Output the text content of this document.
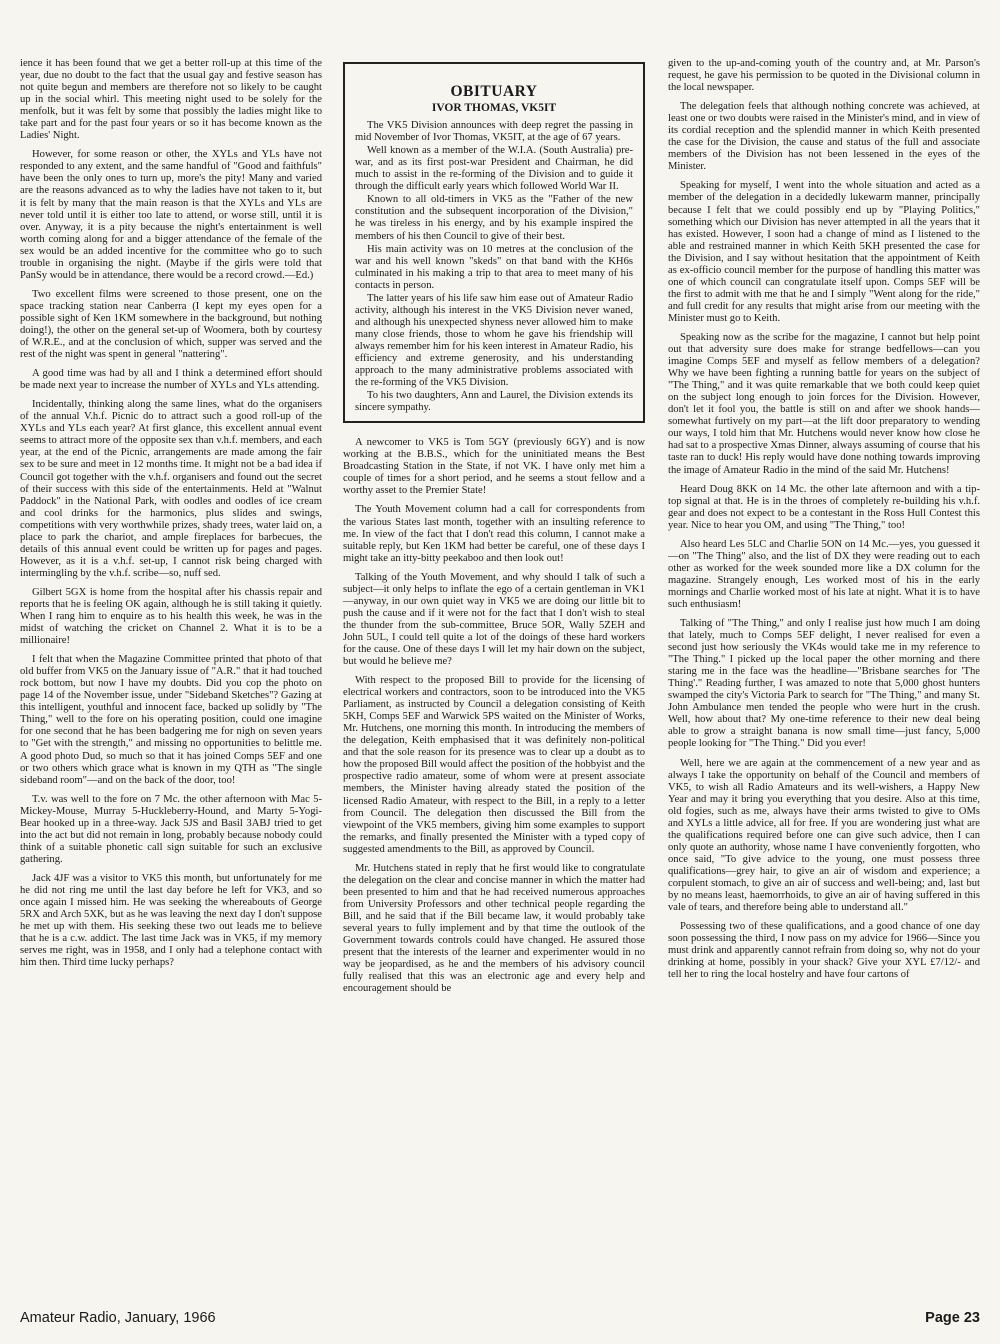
ience it has been found that we get a better roll-up at this time of the year, due no doubt to the fact that the usual gay and festive season has not quite begun and members are therefore not so likely to be caught up in the social whirl. This meeting night used to be solely for the menfolk, but it was felt by some that possibly the ladies might like to take part and for the past four years or so it has become known as the Ladies' Night.

However, for some reason or other, the XYLs and YLs have not responded to any extent, and the same handful of "Good and faithfuls" have been the only ones to turn up, more's the pity! Many and varied are the reasons advanced as to why the ladies have not taken to it, but it is felt by many that the main reason is that the XYLs and YLs are never told until it is either too late to attend, or worse still, until it is over. Anyway, it is a pity because the night's entertainment is well worth coming along for and a bigger attendance of the female of the sex would be an added incentive for the committee who go to such trouble in organising the night. (Maybe if the girls were told that PanSy would be in attendance, there would be a record crowd.—Ed.)

Two excellent films were screened to those present, one on the space tracking station near Canberra (I kept my eyes open for a possible sight of Ken 1KM somewhere in the background, but nothing doing!), the other on the general set-up of Woomera, both by courtesy of W.R.E., and at the conclusion of which, supper was served and the rest of the night was spent in general "nattering".

A good time was had by all and I think a determined effort should be made next year to increase the number of XYLs and YLs attending.

Incidentally, thinking along the same lines, what do the organisers of the annual V.h.f. Picnic do to attract such a good roll-up of the XYLs and YLs each year? At first glance, this excellent annual event seems to attract more of the opposite sex than v.h.f. members, and each year, at the end of the Picnic, arrangements are made among the fair sex to be sure and meet in 12 months time. It might not be a bad idea if Council got together with the v.h.f. organisers and found out the secret of their success with this side of the entertainments. Held at "Walnut Paddock" in the National Park, with oodles and oodles of ice cream and cool drinks for the harmonics, plus slides and swings, competitions with very worthwhile prizes, shady trees, water laid on, a place to park the chariot, and ample fireplaces for barbecues, the details of this annual event could be written up for pages and pages. However, as it is a v.h.f. set-up, I cannot risk being charged with intermingling by the v.h.f. scribe—so, nuff sed.

Gilbert 5GX is home from the hospital after his chassis repair and reports that he is feeling OK again, although he is still taking it quietly. When I rang him to enquire as to his health this week, he was in the midst of watching the cricket on Channel 2. What it is to be a millionaire!

I felt that when the Magazine Committee printed that photo of that old buffer from VK5 on the January issue of "A.R." that it had touched rock bottom, but now I have my doubts. Did you cop the photo on page 14 of the November issue, under "Sideband Sketches"? Gazing at this intelligent, youthful and innocent face, backed up solidly by "The Thing," well to the fore on his operating position, could one imagine for one second that he has been badgering me for nigh on seven years to "Get with the strength," and missing no opportunities to belittle me. A good photo Dud, so much so that it has joined Comps 5EF and one or two others which grace what is known in my QTH as "The single sideband room"—and on the back of the door, too!

T.v. was well to the fore on 7 Mc. the other afternoon with Mac 5-Mickey-Mouse, Murray 5-Huckleberry-Hound, and Marty 5-Yogi-Bear hooked up in a three-way. Jack 5JS and Basil 3ABJ tried to get into the act but did not remain in long, probably because nobody could think of a suitable phonetic call sign suitable for such an exclusive gathering.

Jack 4JF was a visitor to VK5 this month, but unfortunately for me he did not ring me until the last day before he left for VK3, and so once again I missed him. He was seeking the whereabouts of George 5RX and Arch 5XK, but as he was leaving the next day I don't suppose he met up with them. His seeking these two out leads me to believe that he is a c.w. addict. The last time Jack was in VK5, if my memory serves me right, was in 1958, and I only had a telephone contact with him then. Third time lucky perhaps?

OBITUARY
IVOR THOMAS, VK5IT

The VK5 Division announces with deep regret the passing in mid November of Ivor Thomas, VK5IT, at the age of 67 years.

Well known as a member of the W.I.A. (South Australia) pre-war, and as its first post-war President and Chairman, he did much to assist in the re-forming of the Division and to guide it through the difficult early years which followed World War II.

Known to all old-timers in VK5 as the "Father of the new constitution and the subsequent incorporation of the Division," he was tireless in his energy, and by his example inspired the members of his then Council to give of their best.

His main activity was on 10 metres at the conclusion of the war and his well known "skeds" on that band with the KH6s culminated in his making a trip to that area to meet many of his contacts in person.

The latter years of his life saw him ease out of Amateur Radio activity, although his interest in the VK5 Division never waned, and although his unexpected shyness never allowed him to make many close friends, those to whom he gave his friendship will always remember him for his keen interest in Amateur Radio, his efficiency and extreme generosity, and his understanding approach to the many administrative problems associated with the re-forming of the VK5 Division.

To his two daughters, Ann and Laurel, the Division extends its sincere sympathy.

A newcomer to VK5 is Tom 5GY (previously 6GY) and is now working at the B.B.S., which for the uninitiated means the Best Broadcasting Station in the State, if not VK. I have only met him a couple of times for a short period, and he seems a stout fellow and a worthy asset to the Premier State!

The Youth Movement column had a call for correspondents from the various States last month, together with an insulting reference to me. In view of the fact that I don't read this column, I cannot make a suitable reply, but Ken 1KM had better be careful, one of these days I might take an itty-bitty peekaboo and then look out!

Talking of the Youth Movement, and why should I talk of such a subject—it only helps to inflate the ego of a certain gentleman in VK1—anyway, in our own quiet way in VK5 we are doing our little bit to push the cause and if it were not for the fact that I don't wish to steal the thunder from the sub-committee, Bruce 5OR, Wally 5ZEH and John 5UL, I could tell quite a lot of the doings of these hard workers for the cause. One of these days I will let my hair down on the subject, but would he believe me?

With respect to the proposed Bill to provide for the licensing of electrical workers and contractors, soon to be introduced into the VK5 Parliament, as instructed by Council a delegation consisting of Keith 5KH, Comps 5EF and Warwick 5PS waited on the Minister of Works, Mr. Hutchens, one morning this month. In introducing the members of the delegation, Keith emphasised that it was definitely non-political and that the sole reason for its presence was to clear up a doubt as to how the proposed Bill would affect the position of the hobbyist and the prospective radio amateur, some of whom were at present associate members, the Minister having already stated the position of the licensed Radio Amateur, with respect to the Bill, in a reply to a letter from Council. The delegation then discussed the Bill from the viewpoint of the VK5 members, giving him some examples to support the remarks, and finally presented the Minister with a typed copy of suggested amendments to the Bill, as approved by Council.

Mr. Hutchens stated in reply that he first would like to congratulate the delegation on the clear and concise manner in which the matter had been presented to him and that he had received numerous approaches from University Professors and other technical people regarding the Bill, and he said that if the Bill became law, it would probably take several years to fully implement and by that time the outlook of the Government towards controls could have changed. He assured those present that the interests of the learner and experimenter would in no way be jeopardised, as he and the members of his advisory council fully realised that this was an electronic age and every help and encouragement should be

given to the up-and-coming youth of the country and, at Mr. Parson's request, he gave his permission to be quoted in the Divisional column in the local newspaper.

The delegation feels that although nothing concrete was achieved, at least one or two doubts were raised in the Minister's mind, and in view of its cordial reception and the splendid manner in which Keith presented the case for the Division, the cause and status of the full and associate members of the Division has not been lessened in the eyes of the Minister.

Speaking for myself, I went into the whole situation and acted as a member of the delegation in a decidedly lukewarm manner, principally because I felt that we could possibly end up by "Playing Politics," something which our Division has never attempted in all the years that it has existed. However, I soon had a change of mind as I listened to the able and restrained manner in which Keith 5KH presented the case for the Division, and I say without hesitation that the appointment of Keith as ex-officio council member for the purpose of handling this matter was one of which council can congratulate itself upon. Comps 5EF will be the first to admit with me that he and I simply "Went along for the ride," and full credit for any results that might arise from our meeting with the Minister must go to Keith.

Speaking now as the scribe for the magazine, I cannot but help point out that adversity sure does make for strange bedfellows—can you imagine Comps 5EF and myself as fellow members of a delegation? Why we have been fighting a running battle for years on the subject of "The Thing," and it was quite remarkable that we both could keep quiet on the subject long enough to join forces for the Division. However, don't let it fool you, the battle is still on and after we shook hands—somewhat furtively on my part—at the lift door preparatory to wending our ways, I told him that Mr. Hutchens would never know how close he had sat to a prospective Xmas Dinner, always assuming of course that his taste ran to duck! His reply would have done nothing towards improving the image of Amateur Radio in the mind of the said Mr. Hutchens!

Heard Doug 8KK on 14 Mc. the other late afternoon and with a tip-top signal at that. He is in the throes of completely re-building his v.h.f. gear and does not expect to be a contestant in the Ross Hull Contest this year. Nice to hear you OM, and using "The Thing," too!

Also heard Les 5LC and Charlie 5ON on 14 Mc.—yes, you guessed it—on "The Thing" also, and the list of DX they were reading out to each other as worked for the week sounded more like a DX column for the magazine. Strangely enough, Les worked most of his in the early mornings and Charlie worked most of his late at night. What it is to have such enthusiasm!

Talking of "The Thing," and only I realise just how much I am doing that lately, much to Comps 5EF delight, I never realised for even a second just how seriously the VK4s would take me in my reference to "The Thing." I picked up the local paper the other morning and there staring me in the face was the headline—"Brisbane searches for 'The Thing'." Reading further, I was amazed to note that 5,000 ghost hunters swamped the city's Victoria Park to search for "The Thing," and many St. John Ambulance men tended the people who were hurt in the crush. Well, how about that? My one-time reference to their new deal being able to grow a straight banana is now small time—just fancy, 5,000 people looking for "The Thing." Did you ever!

Well, here we are again at the commencement of a new year and as always I take the opportunity on behalf of the Council and members of VK5, to wish all Radio Amateurs and its well-wishers, a Happy New Year and may it bring you everything that you desire. Also at this time, old fogies, such as me, always have their arms twisted to give to OMs and XYLs a little advice, all for free. If you are wondering just what are the qualifications required before one can give such advice, then I can only quote an authority, whose name I have conveniently forgotten, who once said, "To give advice to the young, one must possess three qualifications—grey hair, to give an air of wisdom and experience; a corpulent stomach, to give an air of success and well-being; and, last but by no means least, haemorrhoids, to give an air of having suffered in this vale of tears, and therefore being able to understand all."

Possessing two of these qualifications, and a good chance of one day soon possessing the third, I now pass on my advice for 1966—Since you must drink and apparently cannot refrain from doing so, why not do your drinking at home, possibly in your shack? Give your XYL £7/12/- and tell her to ring the local hostelry and have four cartons of

Amateur Radio, January, 1966	Page 23
